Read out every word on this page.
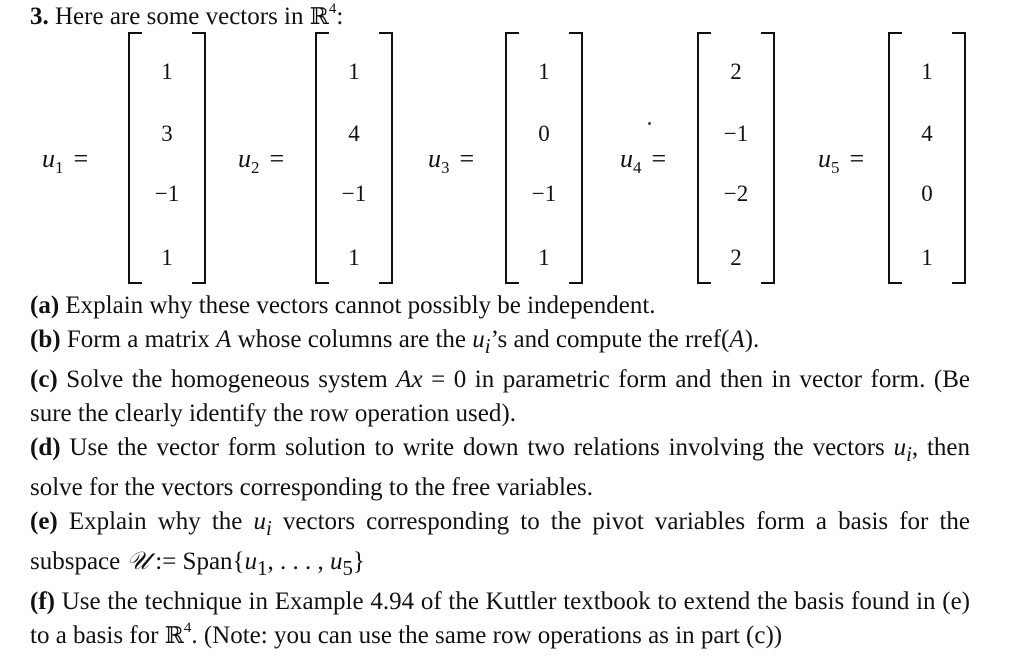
3. Here are some vectors in ℝ$^4$:
$u_1$ =
1
3
−1
1
$u_2$ =
1
4
−1
1
$u_3$ =
1
0
−1
1
$u_4$ =
2
−1
−2
2
$u_5$ =
1
4
0
1

(a) Explain why these vectors cannot possibly be independent.

(b) Form a matrix A whose columns are the $u_i’s$ and compute the rref(A).

(c) Solve the homogeneous system Ax = 0 in parametric form and then in vector form. (Be sure the clearly identify the row operation used).

(d) Use the vector form solution to write down two relations involving the vectors $u_i$, then solve for the vectors corresponding to the free variables.

(e) Explain why the $u_i$ vectors corresponding to the pivot variables form a basis for the subspace 𝒰 := $Span\{u_1$, . . . , $u_5$}

(f) Use the technique in Example 4.94 of the Kuttler textbook to extend the basis found in (e) to a basis for ℝ$^4$. (Note: you can use the same row operations as in part (c))
